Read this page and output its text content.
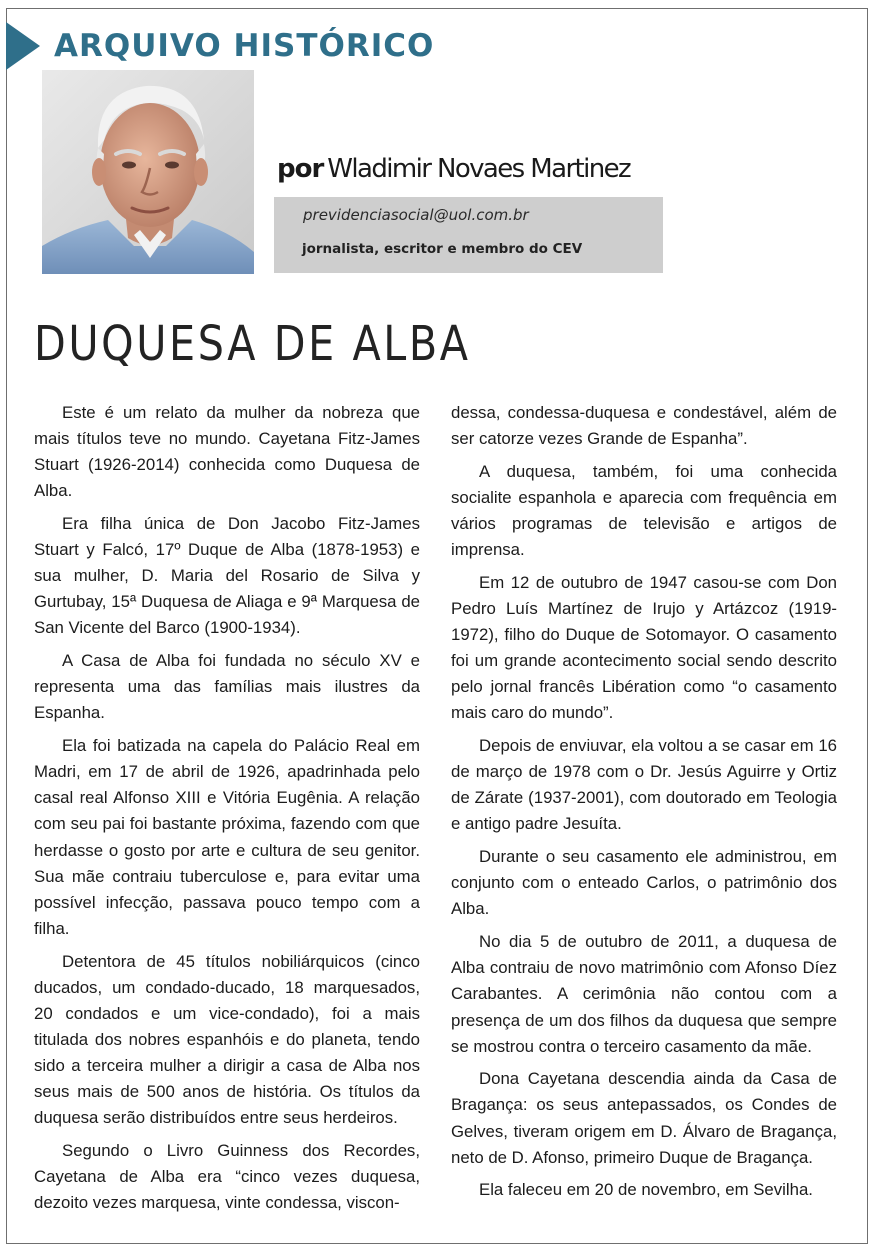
ARQUIVO HISTÓRICO
por Wladimir Novaes Martinez
previdenciasocial@uol.com.br
jornalista, escritor e membro do CEV
DUQUESA DE ALBA

Este é um relato da mulher da nobreza que mais títulos teve no mundo. Cayetana Fitz-James Stuart (1926-2014) conhecida como Duquesa de Alba.

Era filha única de Don Jacobo Fitz-James Stuart y Falcó, 17º Duque de Alba (1878-1953) e sua mulher, D. Maria del Rosario de Silva y Gurtubay, 15ª Duquesa de Aliaga e 9ª Marquesa de San Vicente del Barco (1900-1934).

A Casa de Alba foi fundada no século XV e representa uma das famílias mais ilustres da Espanha.

Ela foi batizada na capela do Palácio Real em Madri, em 17 de abril de 1926, apadrinhada pelo casal real Alfonso XIII e Vitória Eugênia. A relação com seu pai foi bastante próxima, fazendo com que herdasse o gosto por arte e cultura de seu genitor. Sua mãe contraiu tuberculose e, para evitar uma possível infecção, passava pouco tempo com a filha.

Detentora de 45 títulos nobiliárquicos (cinco ducados, um condado-ducado, 18 marquesados, 20 condados e um vice-condado), foi a mais titulada dos nobres espanhóis e do planeta, tendo sido a terceira mulher a dirigir a casa de Alba nos seus mais de 500 anos de história. Os títulos da duquesa serão distribuídos entre seus herdeiros.

Segundo o Livro Guinness dos Recordes, Cayetana de Alba era “cinco vezes duquesa, dezoito vezes marquesa, vinte condessa, viscon-

dessa, condessa-duquesa e condestável, além de ser catorze vezes Grande de Espanha”.

A duquesa, também, foi uma conhecida socialite espanhola e aparecia com frequência em vários programas de televisão e artigos de imprensa.

Em 12 de outubro de 1947 casou-se com Don Pedro Luís Martínez de Irujo y Artázcoz (1919-1972), filho do Duque de Sotomayor. O casamento foi um grande acontecimento social sendo descrito pelo jornal francês Libération como “o casamento mais caro do mundo”.

Depois de enviuvar, ela voltou a se casar em 16 de março de 1978 com o Dr. Jesús Aguirre y Ortiz de Zárate (1937-2001), com doutorado em Teologia e antigo padre Jesuíta.

Durante o seu casamento ele administrou, em conjunto com o enteado Carlos, o patrimônio dos Alba.

No dia 5 de outubro de 2011, a duquesa de Alba contraiu de novo matrimônio com Afonso Díez Carabantes. A cerimônia não contou com a presença de um dos filhos da duquesa que sempre se mostrou contra o terceiro casamento da mãe.

Dona Cayetana descendia ainda da Casa de Bragança: os seus antepassados, os Condes de Gelves, tiveram origem em D. Álvaro de Bragança, neto de D. Afonso, primeiro Duque de Bragança.

Ela faleceu em 20 de novembro, em Sevilha.
